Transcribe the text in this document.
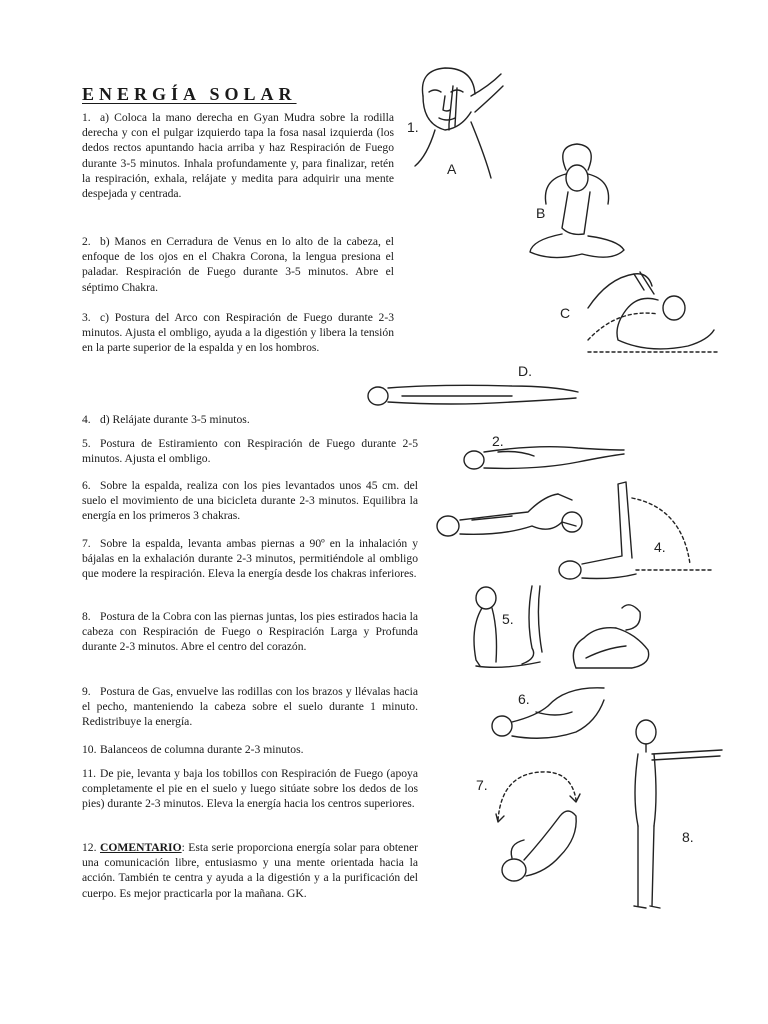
ENERGÍA SOLAR
1. a) Coloca la mano derecha en Gyan Mudra sobre la rodilla derecha y con el pulgar izquierdo tapa la fosa nasal izquierda (los dedos rectos apuntando hacia arriba y haz Respiración de Fuego durante 3-5 minutos. Inhala profundamente y, para finalizar, retén la respiración, exhala, relájate y medita para adquirir una mente despejada y centrada.
2. b) Manos en Cerradura de Venus en lo alto de la cabeza, el enfoque de los ojos en el Chakra Corona, la lengua presiona el paladar. Respiración de Fuego durante 3-5 minutos. Abre el séptimo Chakra.
3. c) Postura del Arco con Respiración de Fuego durante 2-3 minutos. Ajusta el ombligo, ayuda a la digestión y libera la tensión en la parte superior de la espalda y en los hombros.
4. d) Relájate durante 3-5 minutos.
5. Postura de Estiramiento con Respiración de Fuego durante 2-5 minutos. Ajusta el ombligo.
6. Sobre la espalda, realiza con los pies levantados unos 45 cm. del suelo el movimiento de una bicicleta durante 2-3 minutos. Equilibra la energía en los primeros 3 chakras.
7. Sobre la espalda, levanta ambas piernas a 90º en la inhalación y bájalas en la exhalación durante 2-3 minutos, permitiéndole al ombligo que modere la respiración. Eleva la energía desde los chakras inferiores.
8. Postura de la Cobra con las piernas juntas, los pies estirados hacia la cabeza con Respiración de Fuego o Respiración Larga y Profunda durante 2-3 minutos. Abre el centro del corazón.
9. Postura de Gas, envuelve las rodillas con los brazos y llévalas hacia el pecho, manteniendo la cabeza sobre el suelo durante 1 minuto. Redistribuye la energía.
10. Balanceos de columna durante 2-3 minutos.
11. De pie, levanta y baja los tobillos con Respiración de Fuego (apoya completamente el pie en el suelo y luego sitúate sobre los dedos de los pies) durante 2-3 minutos. Eleva la energía hacia los centros superiores.
12. COMENTARIO: Esta serie proporciona energía solar para obtener una comunicación libre, entusiasmo y una mente orientada hacia la acción. También te centra y ayuda a la digestión y a la purificación del cuerpo. Es mejor practicarla por la mañana. GK.
1.
A
B
C
D.
2.
4.
5.
6.
7.
8.
